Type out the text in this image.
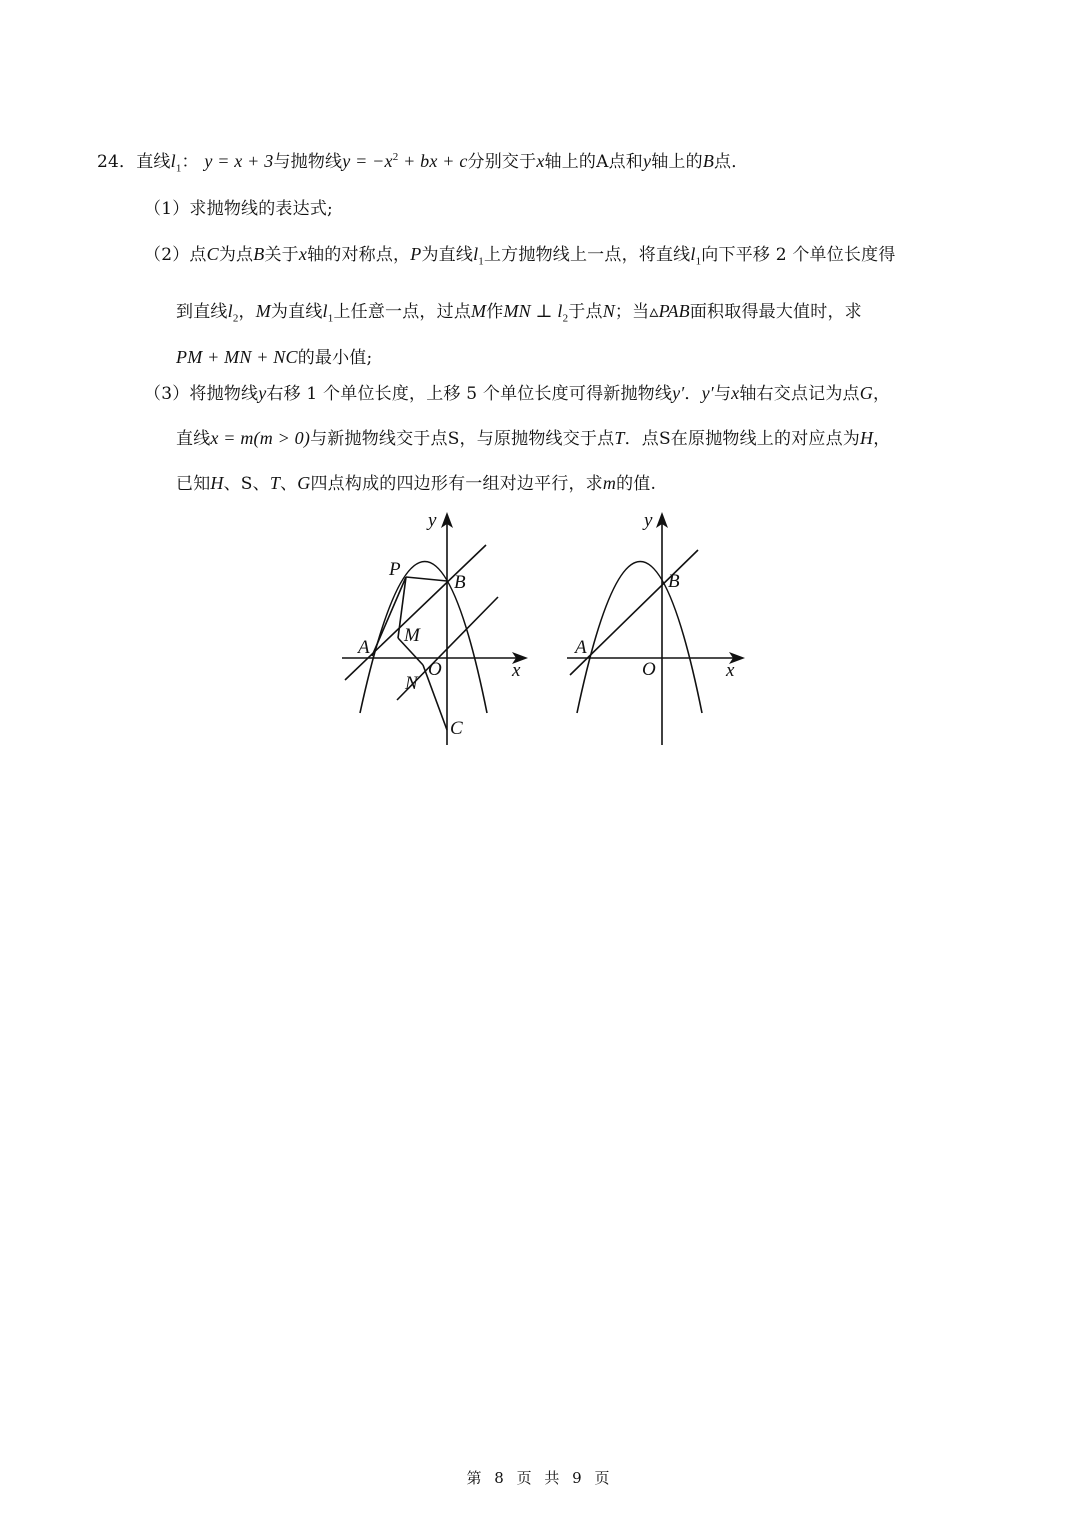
24．直线$l_1$： y = x + 3与抛物线$y = -x^2$ + bx + c分别交于x轴上的A点和y轴上的B点．
（1）求抛物线的表达式;
（2）点C为点B关于x轴的对称点，P为直线$l_1$上方抛物线上一点，将直线$l_1$向下平移 2 个单位长度得
到直线$l_2$，M为直线$l_1$上任意一点，过点M作MN ⊥ $l_2$于点N；当▵PAB面积取得最大值时，求
PM + MN + NC的最小值;
（3）将抛物线y右移 1 个单位长度，上移 5 个单位长度可得新抛物线y′．y′与x轴右交点记为点G，
直线x = m(m > 0)与新抛物线交于点S，与原抛物线交于点T．点S在原抛物线上的对应点为H，
已知H、S、T、G四点构成的四边形有一组对边平行，求m的值.
y
x
O
A
B
P
M
N
C
y
x
O
A
B
第 8 页 共 9 页
